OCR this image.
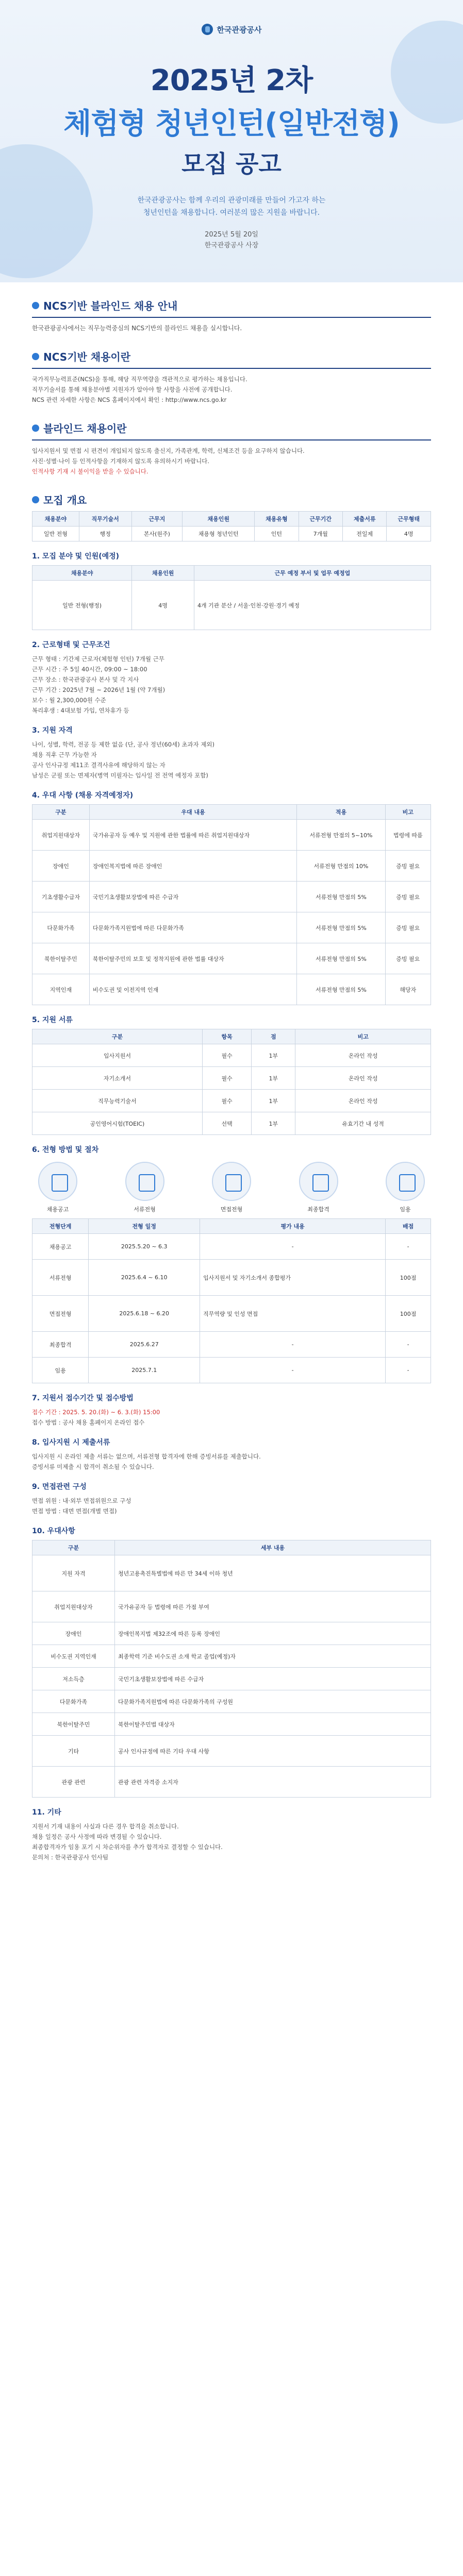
한국관광공사
2025년 2차
체험형 청년인턴(일반전형)
모집 공고
한국관광공사는 함께 우리의 관광미래를 만들어 가고자 하는
청년인턴을 채용합니다. 여러분의 많은 지원을 바랍니다.
2025년 5월 20일
한국관광공사 사장
NCS기반 블라인드 채용 안내

한국관광공사에서는 직무능력중심의 NCS기반의 블라인드 채용을 실시합니다.

NCS기반 채용이란

국가직무능력표준(NCS)을 통해, 해당 직무역량을 객관적으로 평가하는 채용입니다.

직무기술서를 통해 채용분야별 지원자가 알아야 할 사항을 사전에 공개합니다.

NCS 관련 자세한 사항은 NCS 홈페이지에서 확인 : http://www.ncs.go.kr

블라인드 채용이란

입사지원서 및 면접 시 편견이 개입되지 않도록 출신지, 가족관계, 학력, 신체조건 등을 요구하지 않습니다.

사진·성별·나이 등 인적사항을 기재하지 않도록 유의하시기 바랍니다.

인적사항 기재 시 불이익을 받을 수 있습니다.

모집 개요
채용분야	직무기술서	근무지	채용인원	채용유형	근무기간	제출서류	근무형태
일반 전형	행정	본사(원주)	채용형 청년인턴	인턴	7개월	전일제	4명
1. 모집 분야 및 인원(예정)
채용분야	채용인원	근무 예정 부서 및 업무 예정업
일반 전형(행정)	4명	4개 기관 분산 / 서울·인천·강원·경기 예정
2. 근로형태 및 근무조건

근무 형태 : 기간제 근로자(체험형 인턴) 7개월 근무

근무 시간 : 주 5일 40시간, 09:00 ~ 18:00

근무 장소 : 한국관광공사 본사 및 각 지사

근무 기간 : 2025년 7월 ~ 2026년 1월 (약 7개월)

보수 : 월 2,300,000원 수준

복리후생 : 4대보험 가입, 연차휴가 등

3. 지원 자격

나이, 성별, 학력, 전공 등 제한 없음 (단, 공사 정년(60세) 초과자 제외)

채용 직후 근무 가능한 자

공사 인사규정 제11조 결격사유에 해당하지 않는 자

남성은 군필 또는 면제자(병역 미필자는 입사일 전 전역 예정자 포함)

4. 우대 사항 (채용 자격예정자)
구분	우대 내용	적용	비고
취업지원대상자	국가유공자 등 예우 및 지원에 관한 법률에 따른 취업지원대상자	서류전형 만점의 5~10%	법령에 따름
장애인	장애인복지법에 따른 장애인	서류전형 만점의 10%	증빙 필요
기초생활수급자	국민기초생활보장법에 따른 수급자	서류전형 만점의 5%	증빙 필요
다문화가족	다문화가족지원법에 따른 다문화가족	서류전형 만점의 5%	증빙 필요
북한이탈주민	북한이탈주민의 보호 및 정착지원에 관한 법률 대상자	서류전형 만점의 5%	증빙 필요
지역인재	비수도권 및 이전지역 인재	서류전형 만점의 5%	해당자
5. 지원 서류
구분	항목	점	비고
입사지원서	필수	1부	온라인 작성
자기소개서	필수	1부	온라인 작성
직무능력기술서	필수	1부	온라인 작성
공인영어시험(TOEIC)	선택	1부	유효기간 내 성적
6. 전형 방법 및 절차
채용공고	서류전형	면접전형	최종합격	임용
전형단계	전형 일정	평가 내용	배점
채용공고	2025.5.20 ~ 6.3	-	-
서류전형	2025.6.4 ~ 6.10	입사지원서 및 자기소개서 종합평가	100점
면접전형	2025.6.18 ~ 6.20	직무역량 및 인성 면접	100점
최종합격	2025.6.27	-	-
임용	2025.7.1	-	-
7. 지원서 접수기간 및 접수방법

접수 기간 : 2025. 5. 20.(화) ~ 6. 3.(화) 15:00

접수 방법 : 공사 채용 홈페이지 온라인 접수

8. 입사지원 시 제출서류

입사지원 시 온라인 제출 서류는 없으며, 서류전형 합격자에 한해 증빙서류를 제출합니다.

증빙서류 미제출 시 합격이 취소될 수 있습니다.

9. 면접관련 구성

면접 위원 : 내·외부 면접위원으로 구성

면접 방법 : 대면 면접(개별 면접)

10. 우대사항
구분	세부 내용
지원 자격	청년고용촉진특별법에 따른 만 34세 이하 청년
취업지원대상자	국가유공자 등 법령에 따른 가점 부여
장애인	장애인복지법 제32조에 따른 등록 장애인
비수도권 지역인재	최종학력 기준 비수도권 소재 학교 졸업(예정)자
저소득층	국민기초생활보장법에 따른 수급자
다문화가족	다문화가족지원법에 따른 다문화가족의 구성원
북한이탈주민	북한이탈주민법 대상자
기타	공사 인사규정에 따른 기타 우대 사항
관광 관련	관광 관련 자격증 소지자
11. 기타

지원서 기재 내용이 사실과 다른 경우 합격을 취소합니다.

채용 일정은 공사 사정에 따라 변경될 수 있습니다.

최종합격자가 임용 포기 시 차순위자를 추가 합격자로 결정할 수 있습니다.

문의처 : 한국관광공사 인사팀
